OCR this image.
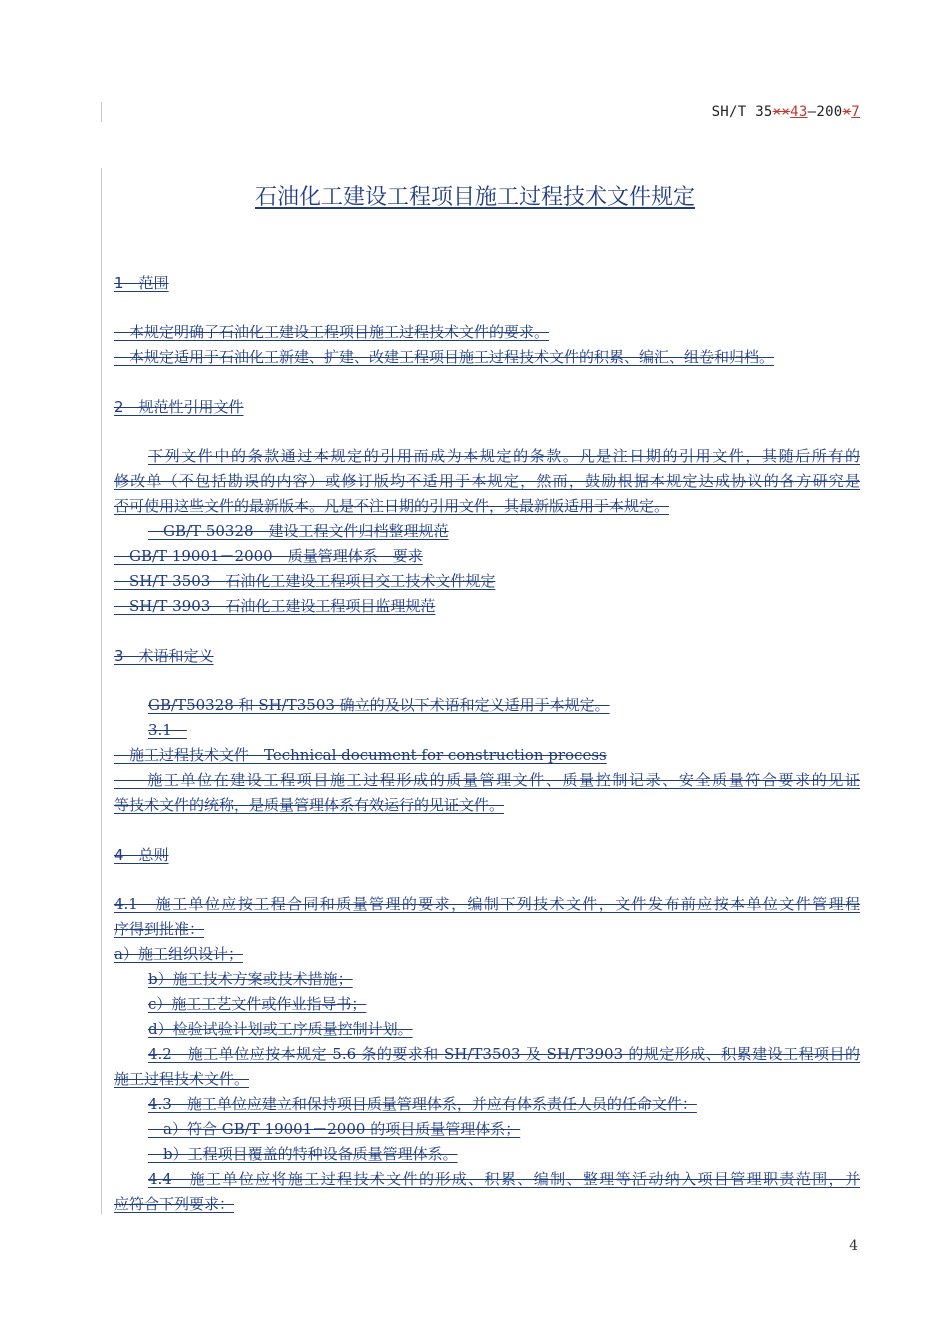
SH/T 35××43—200×7
石油化工建设工程项目施工过程技术文件规定
1　范围
　本规定明确了石油化工建设工程项目施工过程技术文件的要求。
　本规定适用于石油化工新建、扩建、改建工程项目施工过程技术文件的积累、编汇、组卷和归档。
2　规范性引用文件
下列文件中的条款通过本规定的引用而成为本规定的条款。凡是注日期的引用文件，其随后所有的
修改单（不包括勘误的内容）或修订版均不适用于本规定，然而，鼓励根据本规定达成协议的各方研究是
否可使用这些文件的最新版本。凡是不注日期的引用文件，其最新版适用于本规定。
　GB/T 50328　建设工程文件归档整理规范
　GB/T 19001－2000　质量管理体系　要求
　SH/T 3503　石油化工建设工程项目交工技术文件规定
　SH/T 3903　石油化工建设工程项目监理规范
3　术语和定义
GB/T50328 和 SH/T3503 确立的及以下术语和定义适用于本规定。
3.1　
　施工过程技术文件　Technical document for construction process
　　施工单位在建设工程项目施工过程形成的质量管理文件、质量控制记录、安全质量符合要求的见证
等技术文件的统称，是质量管理体系有效运行的见证文件。
4　总则
4.1　施工单位应按工程合同和质量管理的要求，编制下列技术文件，文件发布前应按本单位文件管理程
序得到批准：
a）施工组织设计；
b）施工技术方案或技术措施；
c）施工工艺文件或作业指导书；
d）检验试验计划或工序质量控制计划。
4.2　施工单位应按本规定 5.6 条的要求和 SH/T3503 及 SH/T3903 的规定形成、积累建设工程项目的
施工过程技术文件。
4.3　施工单位应建立和保持项目质量管理体系，并应有体系责任人员的任命文件：
　a）符合 GB/T 19001－2000 的项目质量管理体系；
　b）工程项目覆盖的特种设备质量管理体系。
4.4　施工单位应将施工过程技术文件的形成、积累、编制、整理等活动纳入项目管理职责范围，并
应符合下列要求：
4
